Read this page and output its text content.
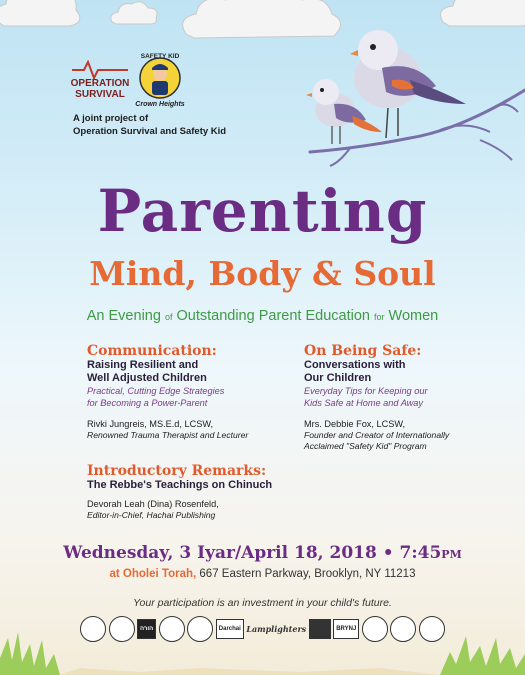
OPERATION
SURVIVAL
SAFETY KID
Crown Heights
A joint project of
Operation Survival and Safety Kid
Parenting
Mind, Body & Soul
An Evening of Outstanding Parent Education for Women
Communication:
Raising Resilient and
Well Adjusted Children
Practical, Cutting Edge Strategies
for Becoming a Power-Parent
Rivki Jungreis, MS.E.d, LCSW,
Renowned Trauma Therapist and Lecturer
On Being Safe:
Conversations with
Our Children
Everyday Tips for Keeping our
Kids Safe at Home and Away
Mrs. Debbie Fox, LCSW,
Founder and Creator of Internationally
Acclaimed "Safety Kid" Program
Introductory Remarks:
The Rebbe's Teachings on Chinuch
Devorah Leah (Dina) Rosenfeld,
Editor-in-Chief, Hachai Publishing
Wednesday, 3 Iyar/April 18, 2018 • 7:45PM
at Oholei Torah, 667 Eastern Parkway, Brooklyn, NY 11213
Your participation is an investment in your child's future.
הורה	Darchai Lamplighters	BRYNJ
